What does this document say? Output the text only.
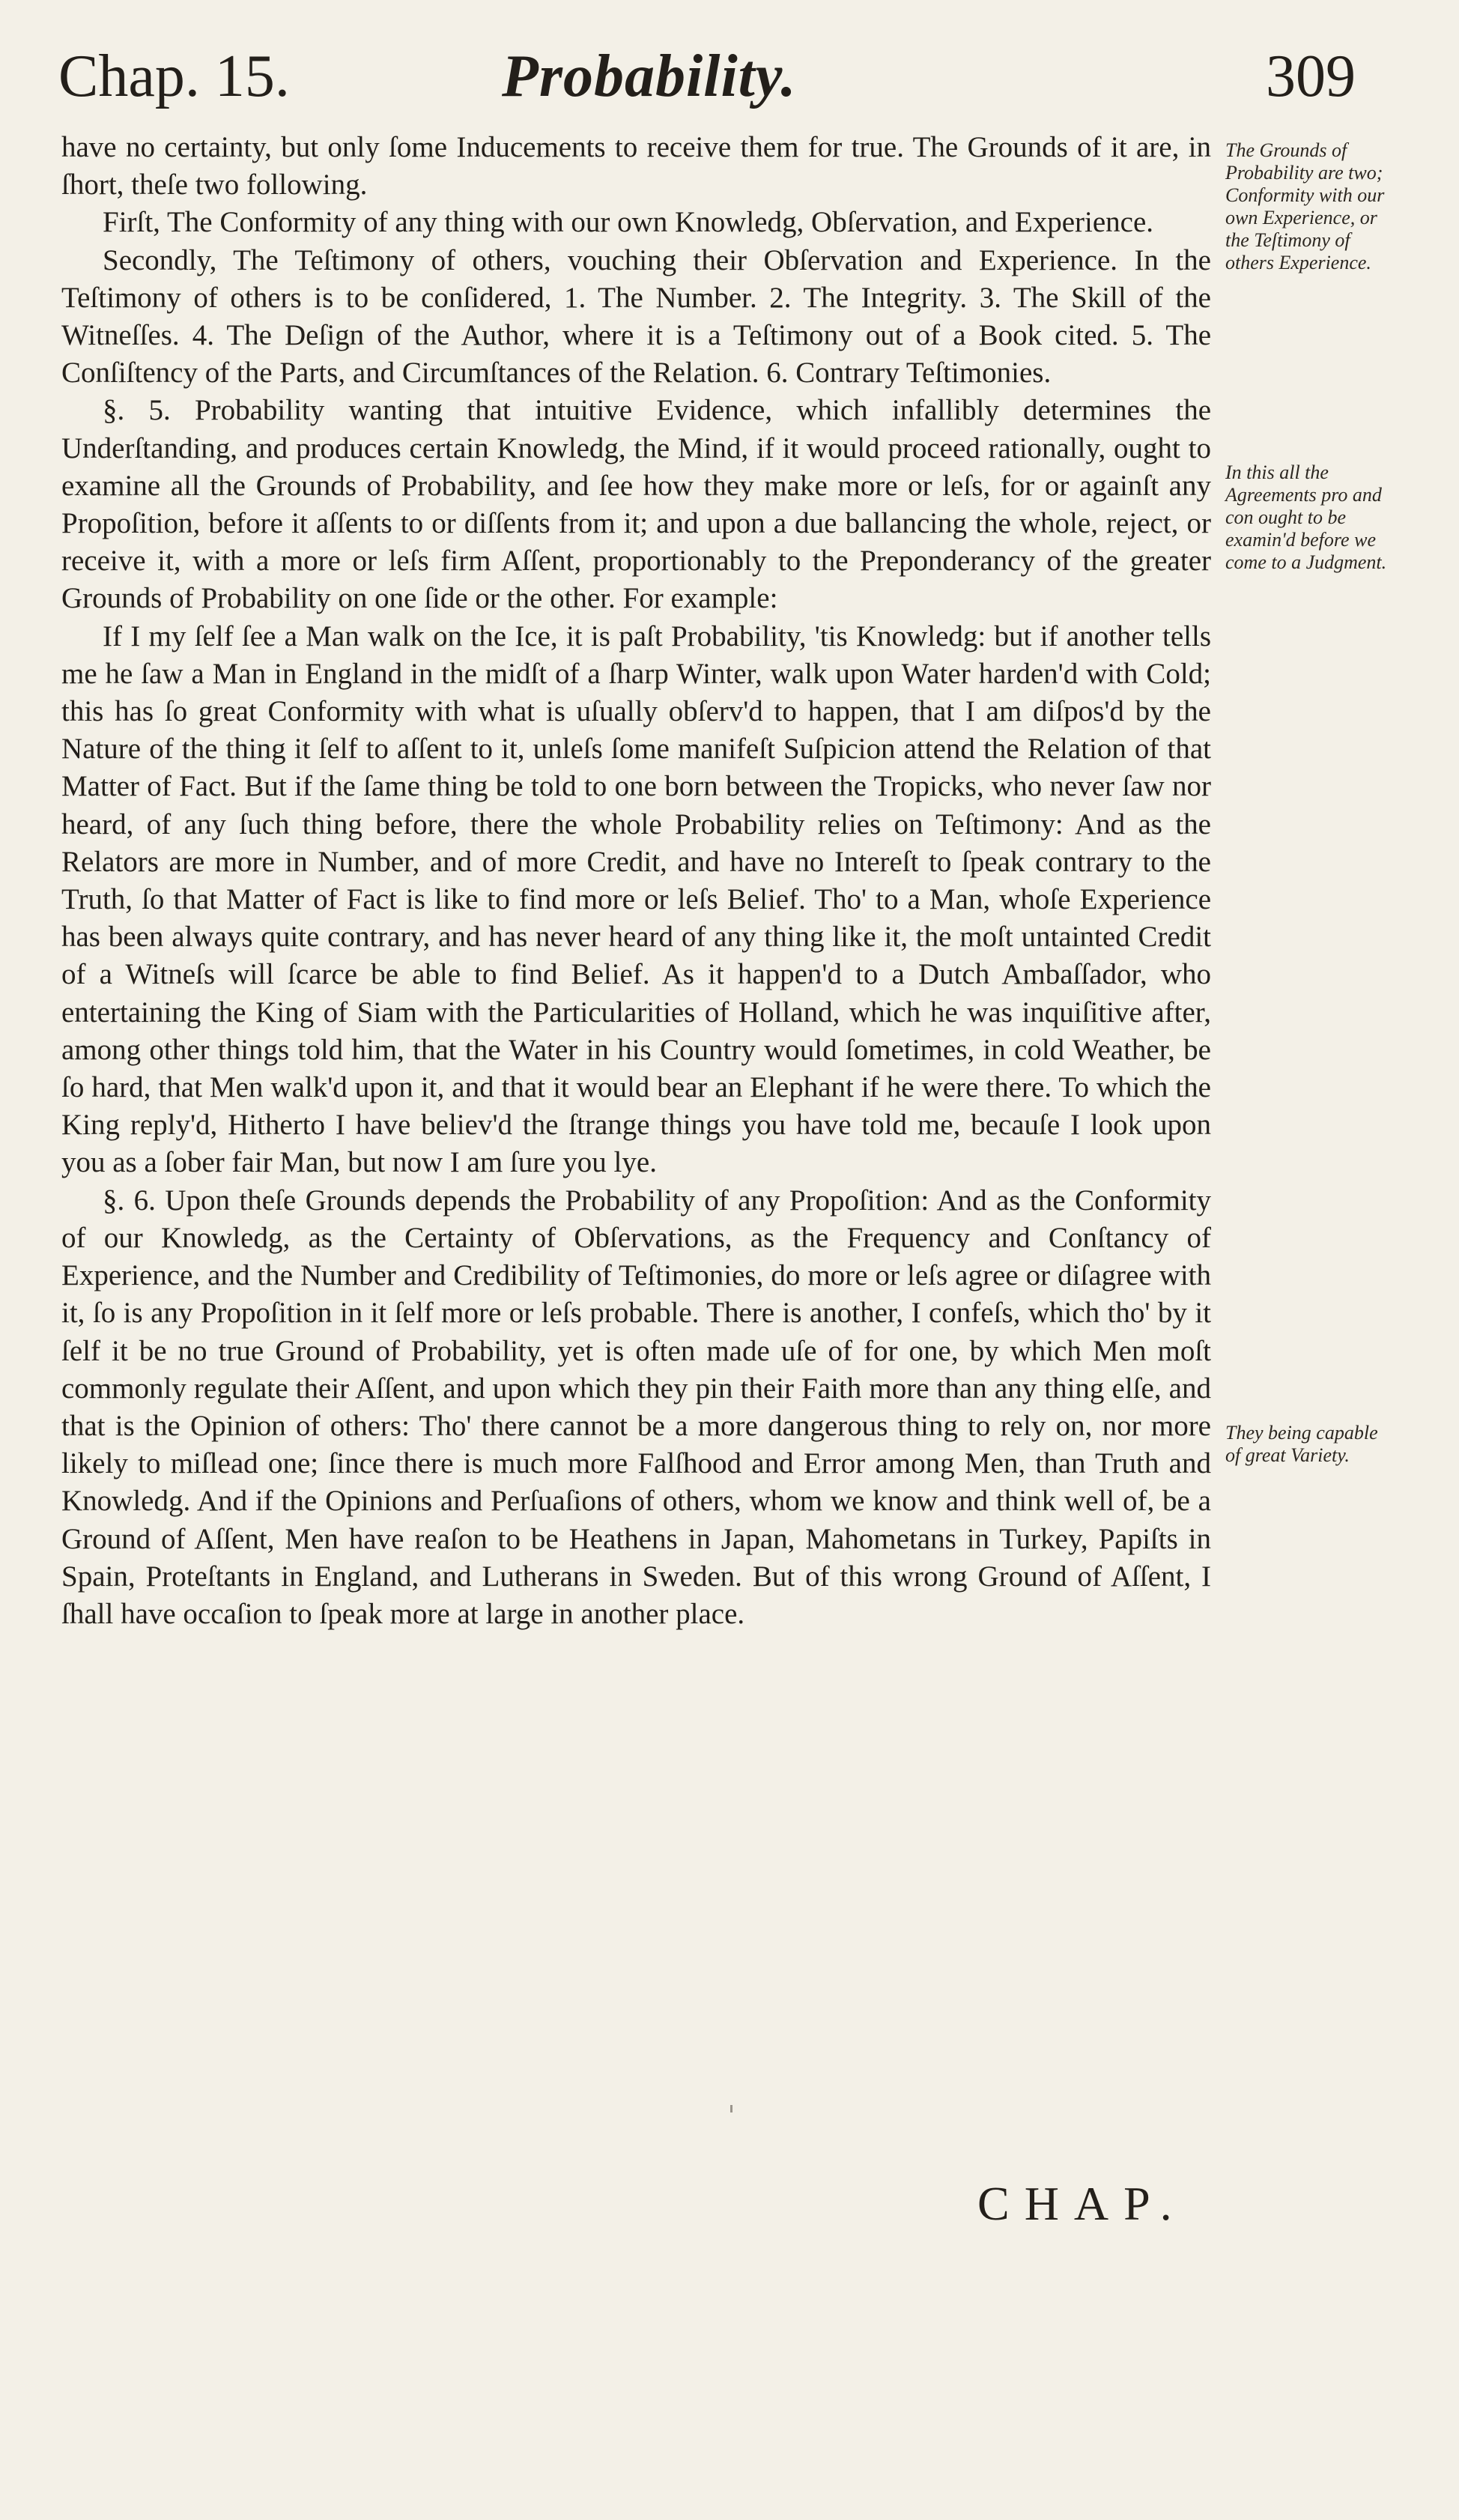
Chap. 15.	Probability.	309

have no certainty, but only ſome Inducements to receive them for true. The Grounds of it are, in ſhort, theſe two following.

Firſt, The Conformity of any thing with our own Knowledg, Obſervation, and Experience.

Secondly, The Teſtimony of others, vouching their Obſervation and Experience. In the Teſtimony of others is to be conſidered, 1. The Number. 2. The Integrity. 3. The Skill of the Witneſſes. 4. The Deſign of the Author, where it is a Teſtimony out of a Book cited. 5. The Conſiſtency of the Parts, and Circumſtances of the Relation. 6. Contrary Teſtimonies.

§. 5. Probability wanting that intuitive Evidence, which infallibly determines the Underſtanding, and produces certain Knowledg, the Mind, if it would proceed rationally, ought to examine all the Grounds of Probability, and ſee how they make more or leſs, for or againſt any Propoſition, before it aſſents to or diſſents from it; and upon a due ballancing the whole, reject, or receive it, with a more or leſs firm Aſſent, proportionably to the Preponderancy of the greater Grounds of Probability on one ſide or the other. For example:

If I my ſelf ſee a Man walk on the Ice, it is paſt Probability, 'tis Knowledg: but if another tells me he ſaw a Man in England in the midſt of a ſharp Winter, walk upon Water harden'd with Cold; this has ſo great Conformity with what is uſually obſerv'd to happen, that I am diſpos'd by the Nature of the thing it ſelf to aſſent to it, unleſs ſome manifeſt Suſpicion attend the Relation of that Matter of Fact. But if the ſame thing be told to one born between the Tropicks, who never ſaw nor heard, of any ſuch thing before, there the whole Probability relies on Teſtimony: And as the Relators are more in Number, and of more Credit, and have no Intereſt to ſpeak contrary to the Truth, ſo that Matter of Fact is like to find more or leſs Belief. Tho' to a Man, whoſe Experience has been always quite contrary, and has never heard of any thing like it, the moſt untainted Credit of a Witneſs will ſcarce be able to find Belief. As it happen'd to a Dutch Ambaſſador, who entertaining the King of Siam with the Particularities of Holland, which he was inquiſitive after, among other things told him, that the Water in his Country would ſometimes, in cold Weather, be ſo hard, that Men walk'd upon it, and that it would bear an Elephant if he were there. To which the King reply'd, Hitherto I have believ'd the ſtrange things you have told me, becauſe I look upon you as a ſober fair Man, but now I am ſure you lye.

§. 6. Upon theſe Grounds depends the Probability of any Propoſition: And as the Conformity of our Knowledg, as the Certainty of Obſervations, as the Frequency and Conſtancy of Experience, and the Number and Credibility of Teſtimonies, do more or leſs agree or diſagree with it, ſo is any Propoſition in it ſelf more or leſs probable. There is another, I confeſs, which tho' by it ſelf it be no true Ground of Probability, yet is often made uſe of for one, by which Men moſt commonly regulate their Aſſent, and upon which they pin their Faith more than any thing elſe, and that is the Opinion of others: Tho' there cannot be a more dangerous thing to rely on, nor more likely to miſlead one; ſince there is much more Falſhood and Error among Men, than Truth and Knowledg. And if the Opinions and Perſuaſions of others, whom we know and think well of, be a Ground of Aſſent, Men have reaſon to be Heathens in Japan, Mahometans in Turkey, Papiſts in Spain, Proteſtants in England, and Lutherans in Sweden. But of this wrong Ground of Aſſent, I ſhall have occaſion to ſpeak more at large in another place.

The Grounds of Probability are two; Conformity with our own Experience, or the Teſtimony of others Experience.

In this all the Agreements pro and con ought to be examin'd before we come to a Judgment.

They being capable of great Variety.

CHAP.
